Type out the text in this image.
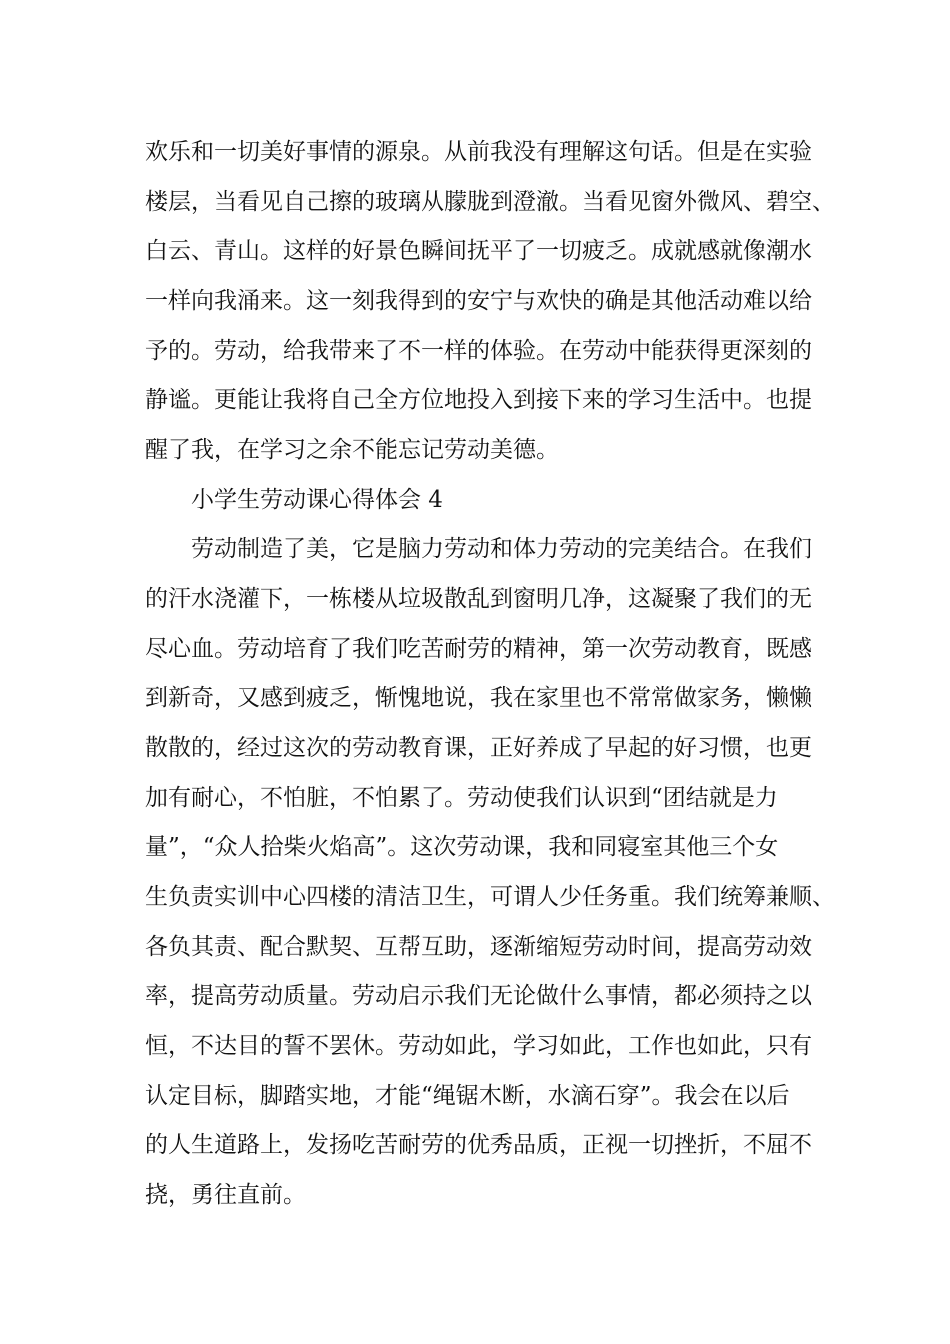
欢乐和一切美好事情的源泉。从前我没有理解这句话。但是在实验

楼层，当看见自己擦的玻璃从朦胧到澄澈。当看见窗外微风、碧空、

白云、青山。这样的好景色瞬间抚平了一切疲乏。成就感就像潮水

一样向我涌来。这一刻我得到的安宁与欢快的确是其他活动难以给

予的。劳动，给我带来了不一样的体验。在劳动中能获得更深刻的

静谧。更能让我将自己全方位地投入到接下来的学习生活中。也提

醒了我，在学习之余不能忘记劳动美德。

小学生劳动课心得体会 4

劳动制造了美，它是脑力劳动和体力劳动的完美结合。在我们

的汗水浇灌下，一栋楼从垃圾散乱到窗明几净，这凝聚了我们的无

尽心血。劳动培育了我们吃苦耐劳的精神，第一次劳动教育，既感

到新奇，又感到疲乏，惭愧地说，我在家里也不常常做家务，懒懒

散散的，经过这次的劳动教育课，正好养成了早起的好习惯，也更

加有耐心，不怕脏，不怕累了。劳动使我们认识到“团结就是力

量”，“众人拾柴火焰高”。这次劳动课，我和同寝室其他三个女

生负责实训中心四楼的清洁卫生，可谓人少任务重。我们统筹兼顺、

各负其责、配合默契、互帮互助，逐渐缩短劳动时间，提高劳动效

率，提高劳动质量。劳动启示我们无论做什么事情，都必须持之以

恒，不达目的誓不罢休。劳动如此，学习如此，工作也如此，只有

认定目标，脚踏实地，才能“绳锯木断，水滴石穿”。我会在以后

的人生道路上，发扬吃苦耐劳的优秀品质，正视一切挫折，不屈不

挠，勇往直前。
